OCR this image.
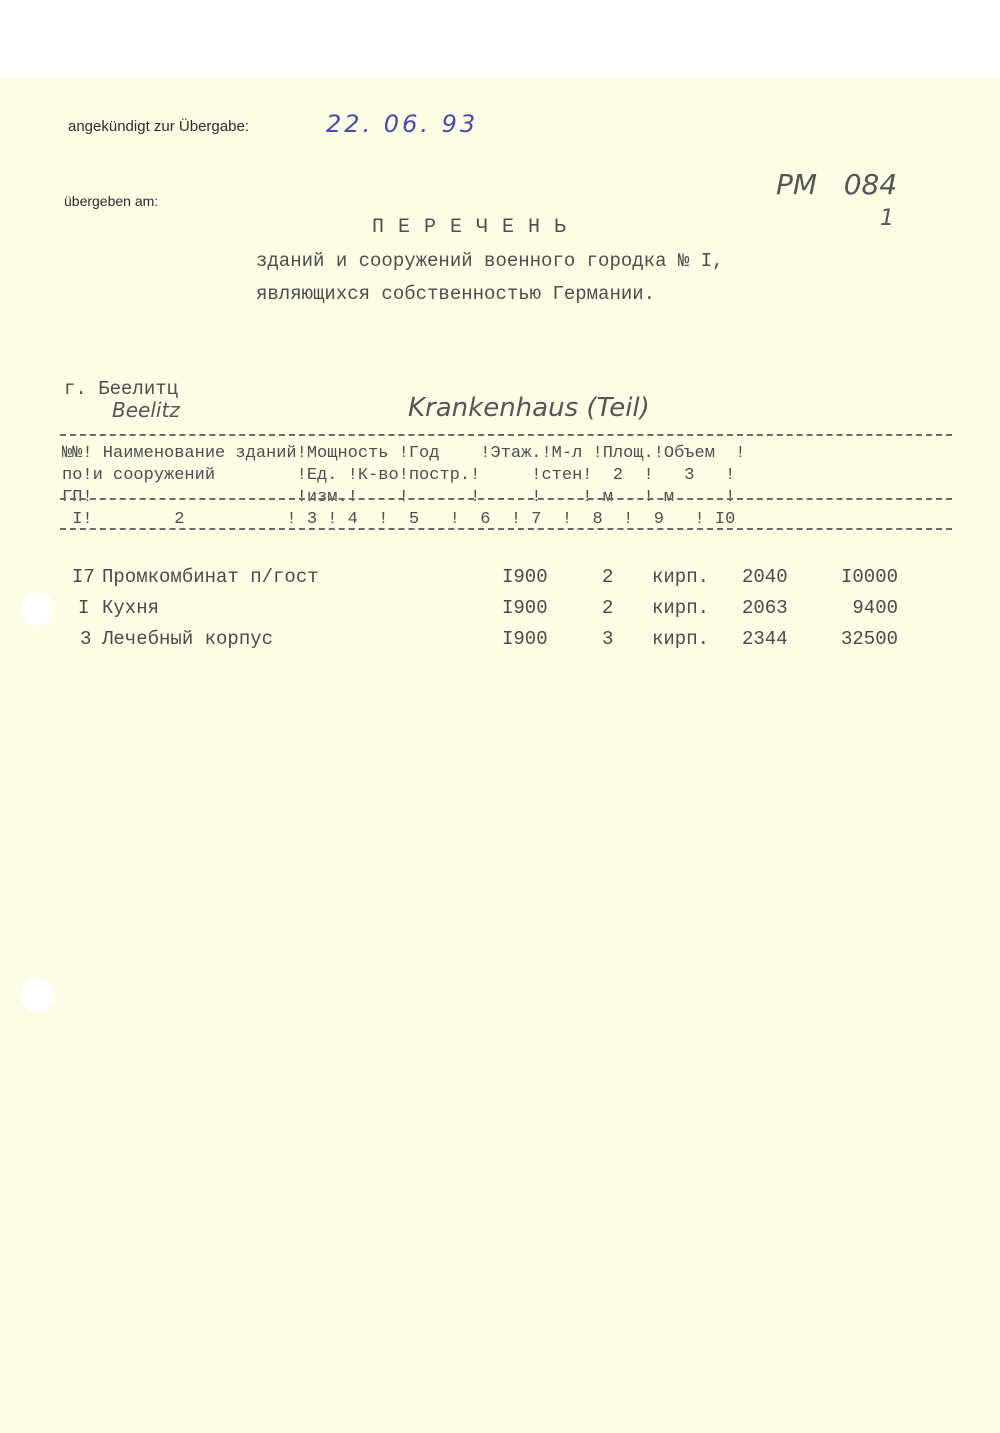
angekündigt zur Übergabe:	22. 06. 93
übergeben am:	PM   084
1
ПЕРЕЧЕНЬ
зданий и сооружений военного городка № I,
являющихся собственностью Германии.
г. Беелитц
Beelitz	Krankenhaus (Teil)
№№! Наименование зданий!Мощность !Год    !Этаж.!М-л !Площ.!Объем  !
по!и сооружений        !Ед. !К-во!постр.!     !стен!  2  !   3   !
ГП!                    !изм.!    !      !     !    ! м   ! м     !
I!        2          ! 3 ! 4  !  5   !  6  ! 7  !  8  !  9   ! I0
I7 Промкомбинат п/гост	I900	2 кирп. 2040	I0000
I Кухня	I900	2 кирп. 2063	9400
3 Лечебный корпус	I900	3 кирп. 2344	32500
